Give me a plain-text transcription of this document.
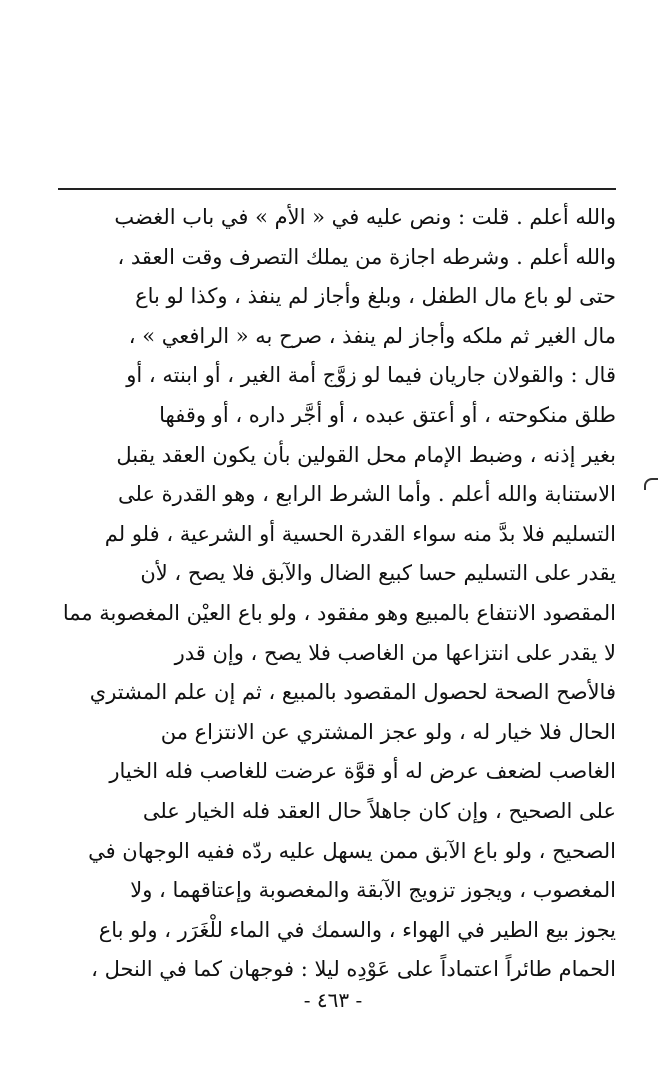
والله أعلم . قلت : ونص عليه في « الأم » في باب الغضب
والله أعلم . وشرطه اجازة من يملك التصرف وقت العقد ،
حتى لو باع مال الطفل ، وبلغ وأجاز لم ينفذ ، وكذا لو باع
مال الغير ثم ملكه وأجاز لم ينفذ ، صرح به « الرافعي » ،
قال : والقولان جاريان فيما لو زوَّج أمة الغير ، أو ابنته ، أو
طلق منكوحته ، أو أعتق عبده ، أو أجَّر داره ، أو وقفها
بغير إذنه ، وضبط الإمام محل القولين بأن يكون العقد يقبل
الاستنابة والله أعلم . وأما الشرط الرابع ، وهو القدرة على
التسليم فلا بدَّ منه سواء القدرة الحسية أو الشرعية ، فلو لم
يقدر على التسليم حسا كبيع الضال والآبق فلا يصح ، لأن
المقصود الانتفاع بالمبيع وهو مفقود ، ولو باع العيْن المغصوبة مما
لا يقدر على انتزاعها من الغاصب فلا يصح ، وإن قدر
فالأصح الصحة لحصول المقصود بالمبيع ، ثم إن علم المشتري
الحال فلا خيار له ، ولو عجز المشتري عن الانتزاع من
الغاصب لضعف عرض له أو قوَّة عرضت للغاصب فله الخيار
على الصحيح ، وإن كان جاهلاً حال العقد فله الخيار على
الصحيح ، ولو باع الآبق ممن يسهل عليه ردّه ففيه الوجهان في
المغصوب ، ويجوز تزويج الآبقة والمغصوبة وإعتاقهما ، ولا
يجوز بيع الطير في الهواء ، والسمك في الماء للْغَرَر ، ولو باع
الحمام طائراً اعتماداً على عَوْدِه ليلا : فوجهان كما في النحل ،
- ٤٦٣ -
